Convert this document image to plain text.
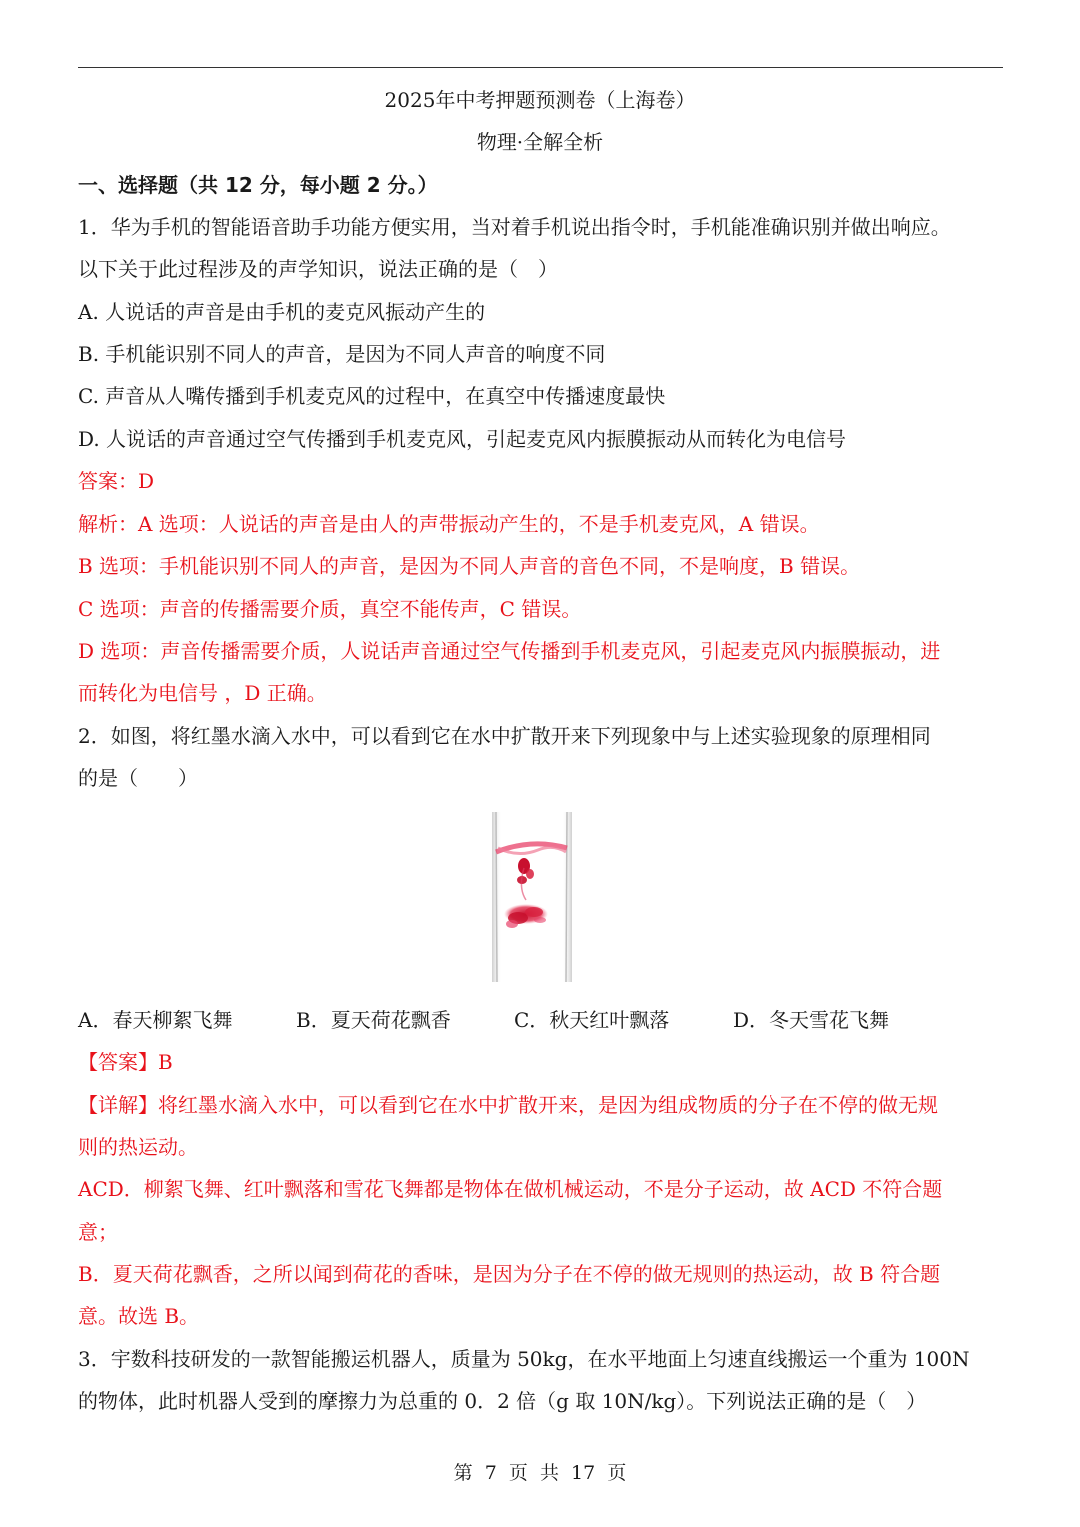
2025年中考押题预测卷（上海卷）
物理·全解全析
一、选择题（共 12 分，每小题 2 分。）
1．华为手机的智能语音助手功能方便实用，当对着手机说出指令时，手机能准确识别并做出响应。
以下关于此过程涉及的声学知识，说法正确的是（　）
A. 人说话的声音是由手机的麦克风振动产生的
B. 手机能识别不同人的声音，是因为不同人声音的响度不同
C. 声音从人嘴传播到手机麦克风的过程中，在真空中传播速度最快
D. 人说话的声音通过空气传播到手机麦克风，引起麦克风内振膜振动从而转化为电信号
答案：D
解析：A 选项：人说话的声音是由人的声带振动产生的，不是手机麦克风，A 错误。
B 选项：手机能识别不同人的声音，是因为不同人声音的音色不同，不是响度，B 错误。
C 选项：声音的传播需要介质，真空不能传声，C 错误。
D 选项：声音传播需要介质，人说话声音通过空气传播到手机麦克风，引起麦克风内振膜振动，进
而转化为电信号 ，D 正确。
2．如图，将红墨水滴入水中，可以看到它在水中扩散开来下列现象中与上述实验现象的原理相同
的是（　　）
A．春天柳絮飞舞	B．夏天荷花飘香	C．秋天红叶飘落	D．冬天雪花飞舞
【答案】B
【详解】将红墨水滴入水中，可以看到它在水中扩散开来，是因为组成物质的分子在不停的做无规
则的热运动。
ACD．柳絮飞舞、红叶飘落和雪花飞舞都是物体在做机械运动，不是分子运动，故 ACD 不符合题
意；
B．夏天荷花飘香，之所以闻到荷花的香味，是因为分子在不停的做无规则的热运动，故 B 符合题
意。故选 B。
3．宇数科技研发的一款智能搬运机器人，质量为 50kg，在水平地面上匀速直线搬运一个重为 100N
的物体，此时机器人受到的摩擦力为总重的 0．2 倍（g 取 10N/kg）。下列说法正确的是（　）
第  7  页  共  17  页
